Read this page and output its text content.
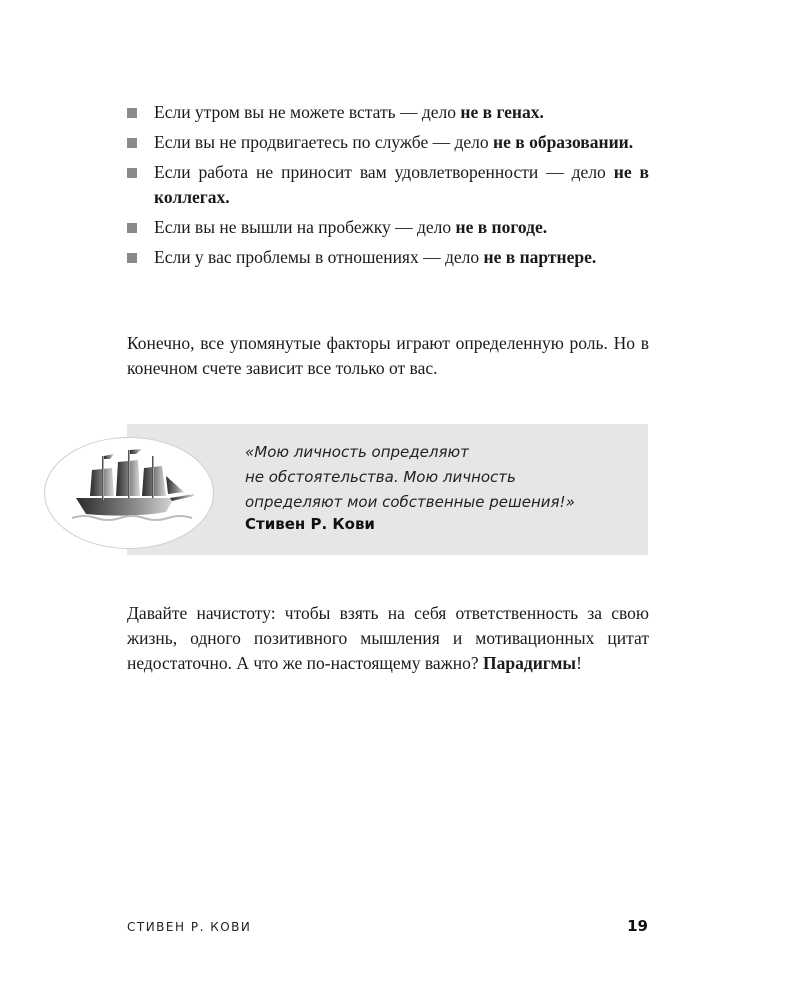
Если утром вы не можете встать — дело не в генах.
Если вы не продвигаетесь по службе — дело не в образовании.
Если работа не приносит вам удовлетворенности — дело не в коллегах.
Если вы не вышли на пробежку — дело не в погоде.
Если у вас проблемы в отношениях — дело не в партнере.

Конечно, все упомянутые факторы играют определенную роль. Но в конечном счете зависит все только от вас.

«Мою личность определяют
не обстоятельства. Мою личность
определяют мои собственные решения!»
Стивен Р. Кови

Давайте начистоту: чтобы взять на себя ответственность за свою жизнь, одного позитивного мышления и мотивационных цитат недостаточно. А что же по-настоящему важно? Парадигмы!

СТИВЕН Р. КОВИ	19
